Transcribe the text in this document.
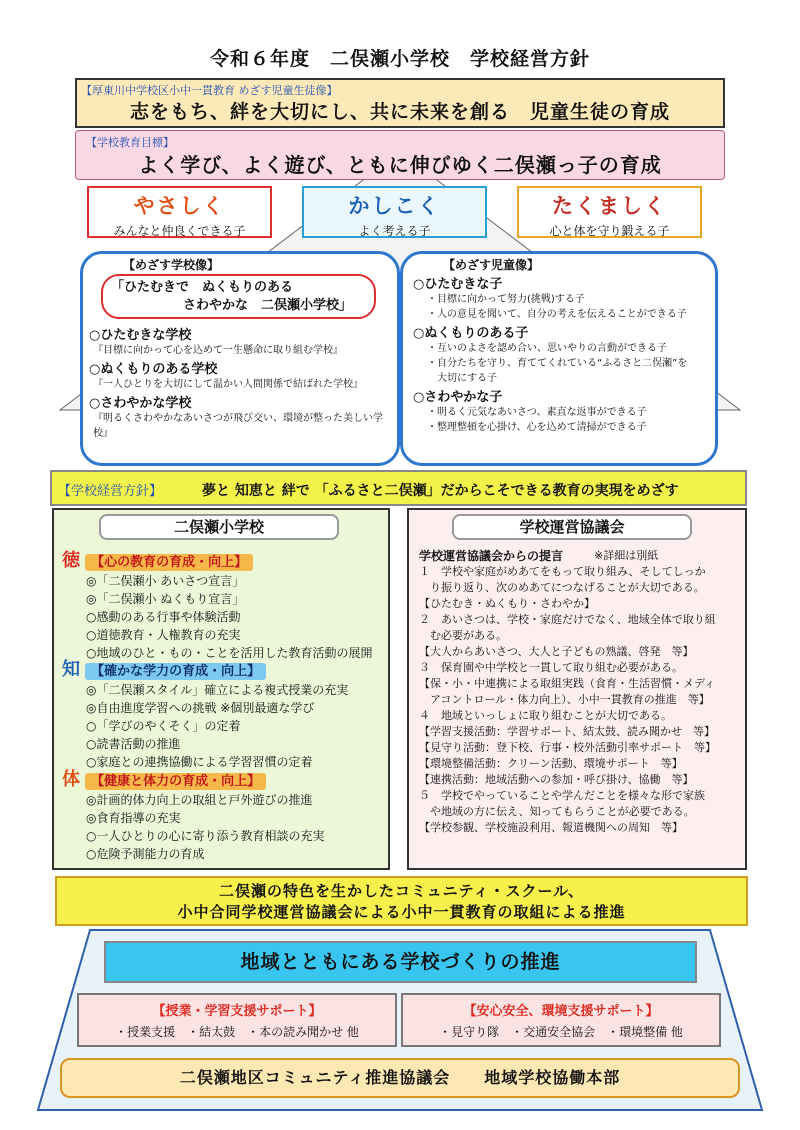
令和６年度　二俣瀬小学校　学校経営方針
【厚東川中学校区小中一貫教育 めざす児童生徒像】
志をもち、絆を大切にし、共に未来を創る　児童生徒の育成
【学校教育目標】
よく学び、よく遊び、ともに伸びゆく二俣瀬っ子の育成
やさしく
みんなと仲良くできる子
かしこく
よく考える子
たくましく
心と体を守り鍛える子
【めざす学校像】
「ひたむきで　ぬくもりのある
さわやかな　二俣瀬小学校」
○ひたむきな学校
『目標に向かって心を込めて一生懸命に取り組む学校』
○ぬくもりのある学校
『一人ひとりを大切にして温かい人間関係で結ばれた学校』
○さわやかな学校
『明るくさわやかなあいさつが飛び交い、環境が整った美しい学校』
【めざす児童像】
○ひたむきな子
・目標に向かって努力(挑戦)する子
・人の意見を聞いて、自分の考えを伝えることができる子
○ぬくもりのある子
・互いのよさを認め合い、思いやりの言動ができる子
・自分たちを守り、育ててくれている“ふるさと二俣瀬”を
　大切にする子
○さわやかな子
・明るく元気なあいさつ、素直な返事ができる子
・整理整頓を心掛け、心を込めて清掃ができる子
【学校経営方針】	夢と 知恵と 絆で 「ふるさと二俣瀬」だからこそできる教育の実現をめざす
二俣瀬小学校
徳 【心の教育の育成・向上】
◎「二俣瀬小 あいさつ宣言」
◎「二俣瀬小 ぬくもり宣言」
○感動のある行事や体験活動
○道徳教育・人権教育の充実
○地域のひと・もの・ことを活用した教育活動の展開
知 【確かな学力の育成・向上】
◎「二俣瀬スタイル」確立による複式授業の充実
◎自由進度学習への挑戦 ※個別最適な学び
○「学びのやくそく」の定着
○読書活動の推進
○家庭との連携協働による学習習慣の定着
体 【健康と体力の育成・向上】
◎計画的体力向上の取組と戸外遊びの推進
◎食育指導の充実
○一人ひとりの心に寄り添う教育相談の充実
○危険予測能力の育成
学校運営協議会
学校運営協議会からの提言	※詳細は別紙
１　学校や家庭がめあてをもって取り組み、そしてしっか
　り振り返り、次のめあてにつなげることが大切である。
【ひたむき・ぬくもり・さわやか】
２　あいさつは、学校・家庭だけでなく、地域全体で取り組
　む必要がある。
【大人からあいさつ、大人と子どもの熟議、啓発　等】
３　保育園や中学校と一貫して取り組む必要がある。
【保・小・中連携による取組実践（食育・生活習慣・メディ
　アコントロール・体力向上）、小中一貫教育の推進　等】
４　地域といっしょに取り組むことが大切である。
【学習支援活動：学習サポート、結太鼓、読み聞かせ　等】
【見守り活動：登下校、行事・校外活動引率サポート　等】
【環境整備活動：クリーン活動、環境サポート　等】
【連携活動：地域活動への参加・呼び掛け、協働　等】
５　学校でやっていることや学んだことを様々な形で家族
　や地域の方に伝え、知ってもらうことが必要である。
【学校参観、学校施設利用、報道機関への周知　等】
二俣瀬の特色を生かしたコミュニティ・スクール、
小中合同学校運営協議会による小中一貫教育の取組による推進
地域とともにある学校づくりの推進
【授業・学習支援サポート】
・授業支援　・結太鼓　・本の読み聞かせ 他
【安心安全、環境支援サポート】
・見守り隊　・交通安全協会　・環境整備 他
二俣瀬地区コミュニティ推進協議会　　地域学校協働本部
